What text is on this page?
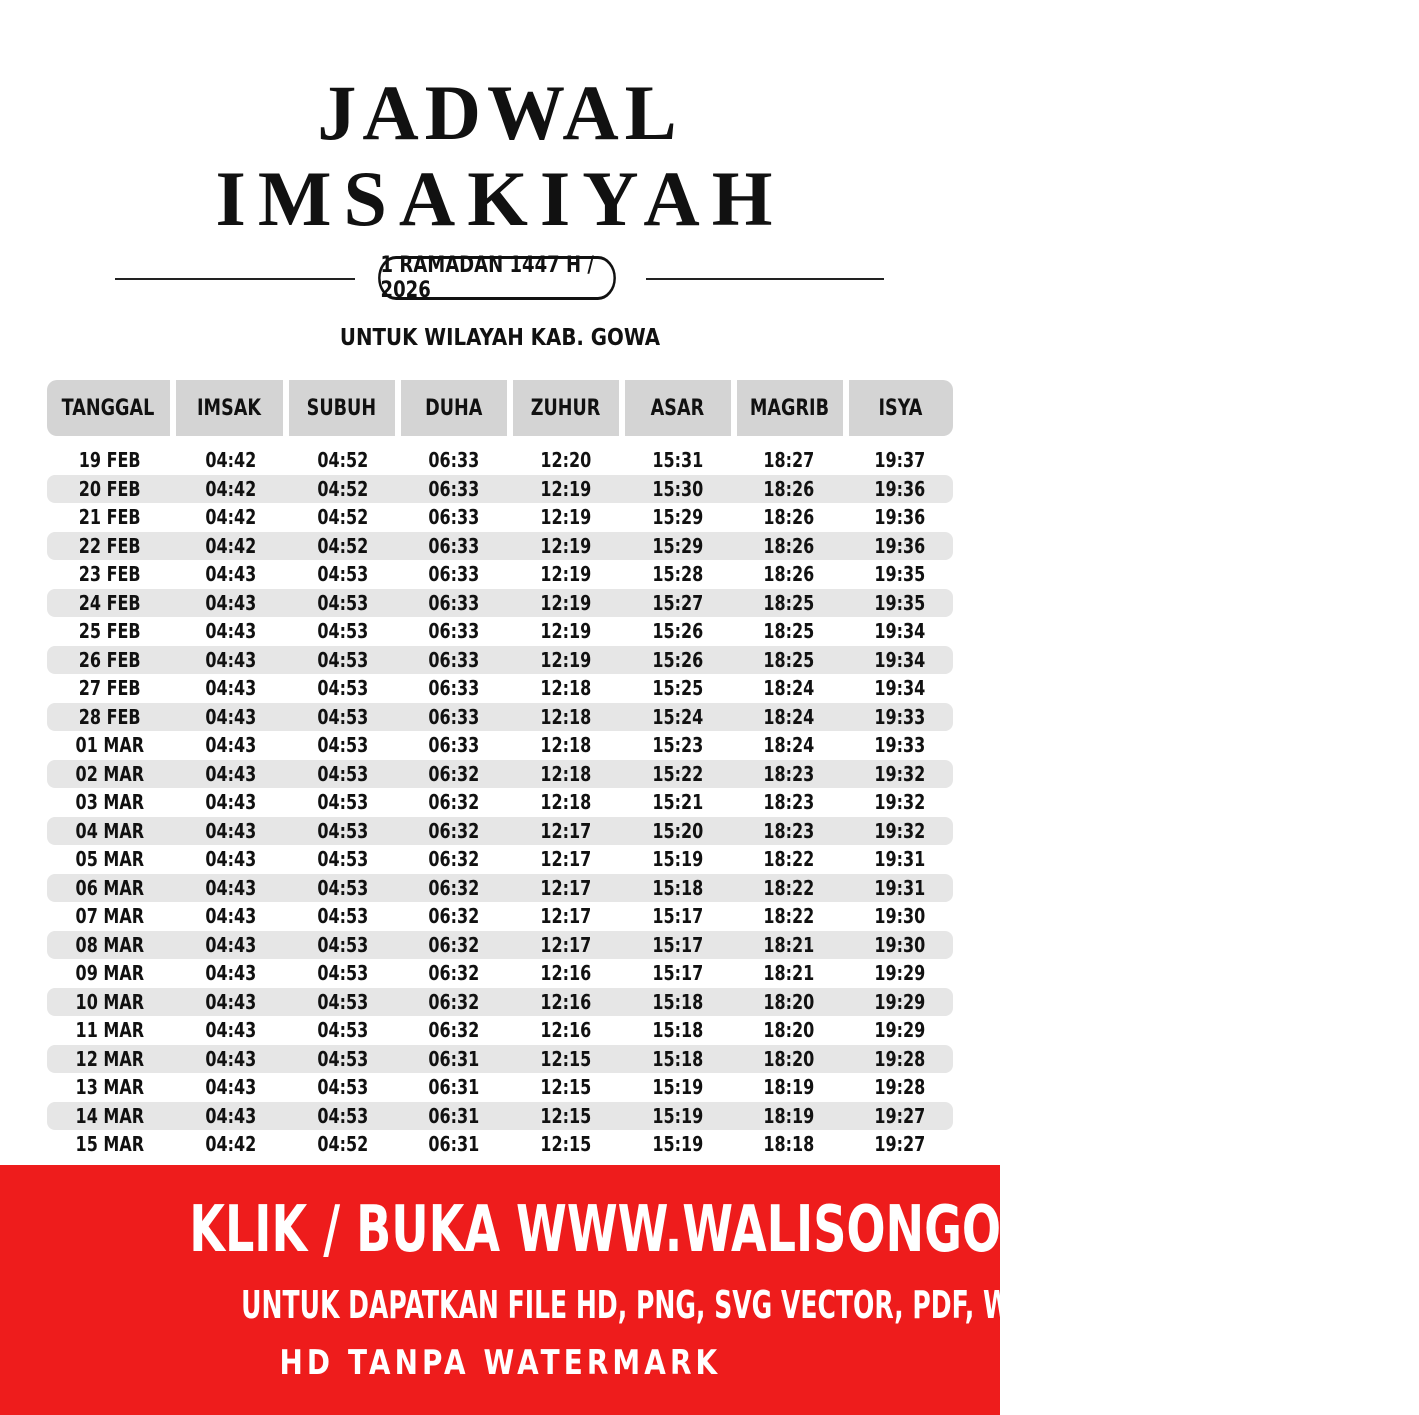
JADWAL
IMSAKIYAH
1 RAMADAN 1447 H / 2026
UNTUK WILAYAH KAB. GOWA
TANGGAL IMSAK SUBUH DUHA ZUHUR ASAR MAGRIB ISYA
19 FEB	04:42	04:52	06:33	12:20	15:31	18:27	19:37
20 FEB	04:42	04:52	06:33	12:19	15:30	18:26	19:36
21 FEB	04:42	04:52	06:33	12:19	15:29	18:26	19:36
22 FEB	04:42	04:52	06:33	12:19	15:29	18:26	19:36
23 FEB	04:43	04:53	06:33	12:19	15:28	18:26	19:35
24 FEB	04:43	04:53	06:33	12:19	15:27	18:25	19:35
25 FEB	04:43	04:53	06:33	12:19	15:26	18:25	19:34
26 FEB	04:43	04:53	06:33	12:19	15:26	18:25	19:34
27 FEB	04:43	04:53	06:33	12:18	15:25	18:24	19:34
28 FEB	04:43	04:53	06:33	12:18	15:24	18:24	19:33
01 MAR	04:43	04:53	06:33	12:18	15:23	18:24	19:33
02 MAR	04:43	04:53	06:32	12:18	15:22	18:23	19:32
03 MAR	04:43	04:53	06:32	12:18	15:21	18:23	19:32
04 MAR	04:43	04:53	06:32	12:17	15:20	18:23	19:32
05 MAR	04:43	04:53	06:32	12:17	15:19	18:22	19:31
06 MAR	04:43	04:53	06:32	12:17	15:18	18:22	19:31
07 MAR	04:43	04:53	06:32	12:17	15:17	18:22	19:30
08 MAR	04:43	04:53	06:32	12:17	15:17	18:21	19:30
09 MAR	04:43	04:53	06:32	12:16	15:17	18:21	19:29
10 MAR	04:43	04:53	06:32	12:16	15:18	18:20	19:29
11 MAR	04:43	04:53	06:32	12:16	15:18	18:20	19:29
12 MAR	04:43	04:53	06:31	12:15	15:18	18:20	19:28
13 MAR	04:43	04:53	06:31	12:15	15:19	18:19	19:28
14 MAR	04:43	04:53	06:31	12:15	15:19	18:19	19:27
15 MAR	04:42	04:52	06:31	12:15	15:19	18:18	19:27
KLIK / BUKA WWW.WALISONGO.CO.ID
UNTUK DAPATKAN FILE HD, PNG, SVG VECTOR, PDF, WORD, EXCEL
HD TANPA WATERMARK
